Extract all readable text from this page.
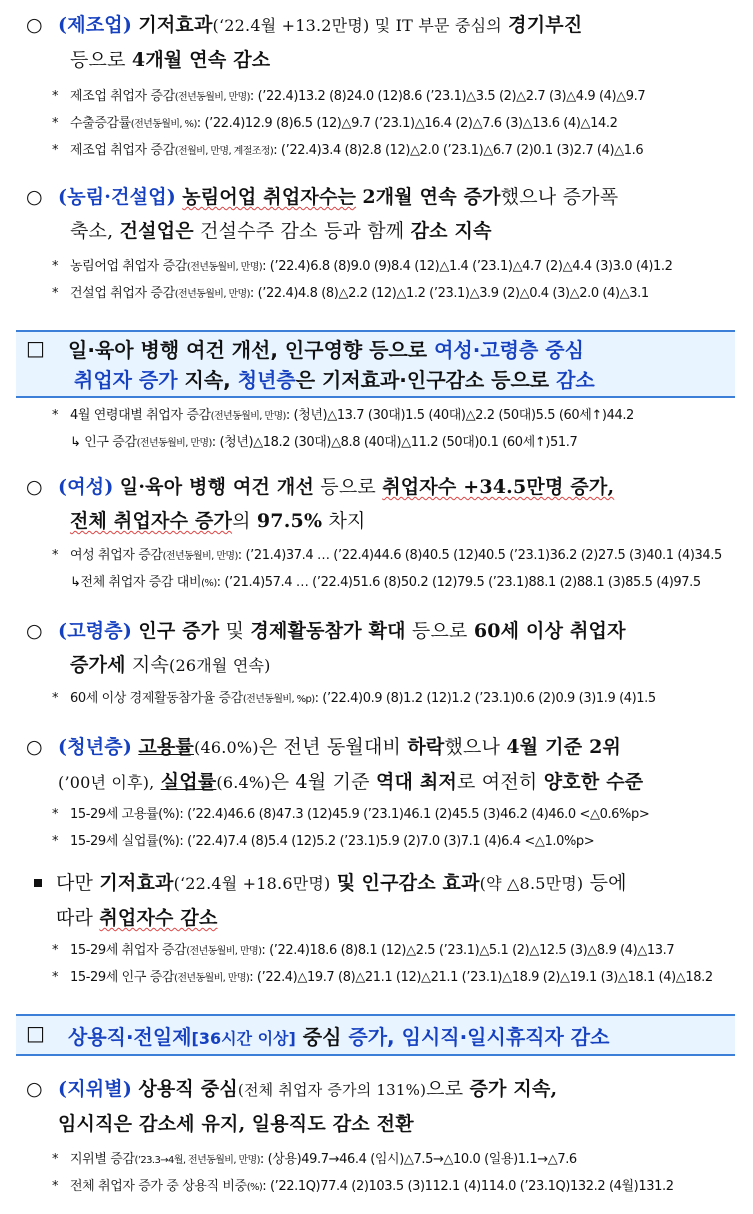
○ (제조업) 기저효과(‘22.4월 +13.2만명) 및 IT 부문 중심의 경기부진
등으로 4개월 연속 감소
* 제조업 취업자 증감(전년동월비, 만명): (’22.4)13.2 (8)24.0 (12)8.6 (’23.1)△3.5 (2)△2.7 (3)△4.9 (4)△9.7
* 수출증감률(전년동월비, %): (’22.4)12.9 (8)6.5 (12)△9.7 (’23.1)△16.4 (2)△7.6 (3)△13.6 (4)△14.2
* 제조업 취업자 증감(전월비, 만명, 계절조정): (’22.4)3.4 (8)2.8 (12)△2.0 (’23.1)△6.7 (2)0.1 (3)2.7 (4)△1.6
○ (농림·건설업) 농림어업 취업자수는 2개월 연속 증가했으나 증가폭
축소, 건설업은 건설수주 감소 등과 함께 감소 지속
* 농림어업 취업자 증감(전년동월비, 만명): (’22.4)6.8 (8)9.0 (9)8.4 (12)△1.4 (’23.1)△4.7 (2)△4.4 (3)3.0 (4)1.2
* 건설업 취업자 증감(전년동월비, 만명): (’22.4)4.8 (8)△2.2 (12)△1.2 (’23.1)△3.9 (2)△0.4 (3)△2.0 (4)△3.1
□ 일·육아 병행 여건 개선, 인구영향 등으로 여성·고령층 중심
취업자 증가 지속, 청년층은 기저효과·인구감소 등으로 감소
* 4월 연령대별 취업자 증감(전년동월비, 만명): (청년)△13.7 (30대)1.5 (40대)△2.2 (50대)5.5 (60세↑)44.2
↳ 인구 증감(전년동월비, 만명): (청년)△18.2 (30대)△8.8 (40대)△11.2 (50대)0.1 (60세↑)51.7
○ (여성) 일·육아 병행 여건 개선 등으로 취업자수 +34.5만명 증가,
전체 취업자수 증가의 97.5% 차지
* 여성 취업자 증감(전년동월비, 만명): (’21.4)37.4 … (’22.4)44.6 (8)40.5 (12)40.5 (’23.1)36.2 (2)27.5 (3)40.1 (4)34.5
↳전체 취업자 증감 대비(%): (’21.4)57.4 … (’22.4)51.6 (8)50.2 (12)79.5 (’23.1)88.1 (2)88.1 (3)85.5 (4)97.5
○ (고령층) 인구 증가 및 경제활동참가 확대 등으로 60세 이상 취업자
증가세 지속(26개월 연속)
* 60세 이상 경제활동참가율 증감(전년동월비, %p): (’22.4)0.9 (8)1.2 (12)1.2 (’23.1)0.6 (2)0.9 (3)1.9 (4)1.5
○ (청년층) 고용률(46.0%)은 전년 동월대비 하락했으나 4월 기준 2위
(’00년 이후), 실업률(6.4%)은 4월 기준 역대 최저로 여전히 양호한 수준
* 15-29세 고용률(%): (’22.4)46.6 (8)47.3 (12)45.9 (’23.1)46.1 (2)45.5 (3)46.2 (4)46.0 <△0.6%p>
* 15-29세 실업률(%): (’22.4)7.4 (8)5.4 (12)5.2 (’23.1)5.9 (2)7.0 (3)7.1 (4)6.4 <△1.0%p>
다만 기저효과(‘22.4월 +18.6만명) 및 인구감소 효과(약 △8.5만명) 등에
따라 취업자수 감소
* 15-29세 취업자 증감(전년동월비, 만명): (’22.4)18.6 (8)8.1 (12)△2.5 (’23.1)△5.1 (2)△12.5 (3)△8.9 (4)△13.7
* 15-29세 인구 증감(전년동월비, 만명): (’22.4)△19.7 (8)△21.1 (12)△21.1 (’23.1)△18.9 (2)△19.1 (3)△18.1 (4)△18.2
□ 상용직·전일제[36시간 이상] 중심 증가, 임시직·일시휴직자 감소
○ (지위별) 상용직 중심(전체 취업자 증가의 131%)으로 증가 지속,
임시직은 감소세 유지, 일용직도 감소 전환
* 지위별 증감(’23.3→4월, 전년동월비, 만명): (상용)49.7→46.4 (임시)△7.5→△10.0 (일용)1.1→△7.6
* 전체 취업자 증가 중 상용직 비중(%): (’22.1Q)77.4 (2)103.5 (3)112.1 (4)114.0 (’23.1Q)132.2 (4월)131.2
